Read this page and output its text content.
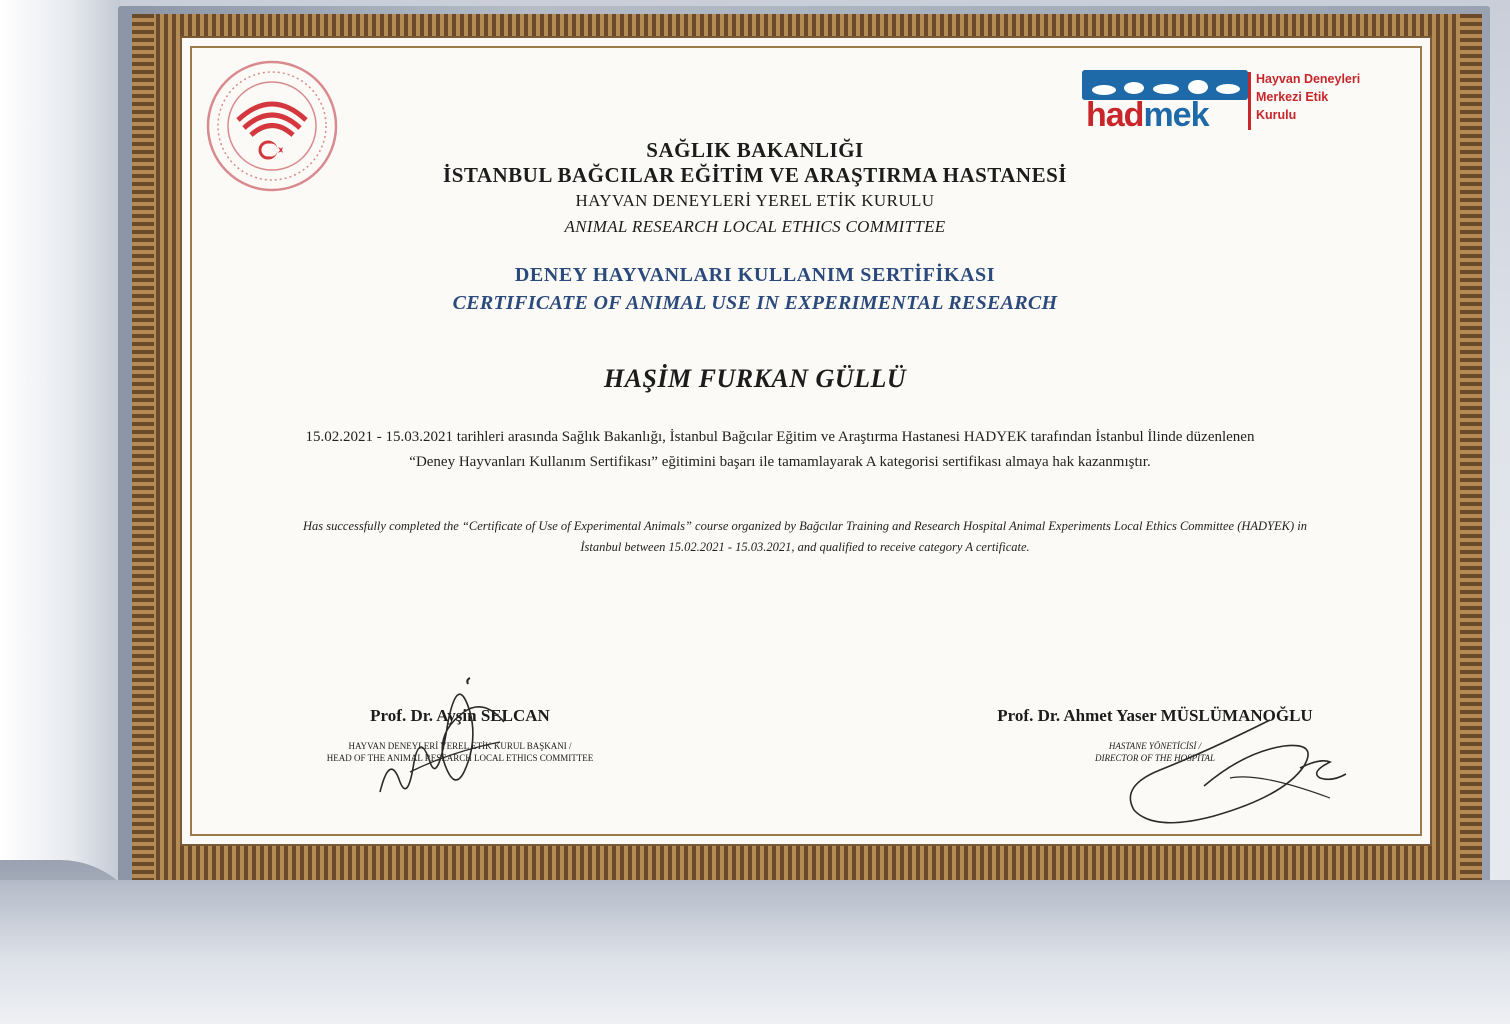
hadmek
Hayvan Deneyleri
Merkezi Etik
Kurulu

SAĞLIK BAKANLIĞI

İSTANBUL BAĞCILAR EĞİTİM VE ARAŞTIRMA HASTANESİ

HAYVAN DENEYLERİ YEREL ETİK KURULU

ANIMAL RESEARCH LOCAL ETHICS COMMITTEE

DENEY HAYVANLARI KULLANIM SERTİFİKASI

CERTIFICATE OF ANIMAL USE IN EXPERIMENTAL RESEARCH

HAŞİM FURKAN GÜLLÜ

15.02.2021 - 15.03.2021 tarihleri arasında Sağlık Bakanlığı, İstanbul Bağcılar Eğitim ve Araştırma Hastanesi HADYEK tarafından İstanbul İlinde düzenlenen “Deney Hayvanları Kullanım Sertifikası” eğitimini başarı ile tamamlayarak A kategorisi sertifikası almaya hak kazanmıştır.
Has successfully completed the “Certificate of Use of Experimental Animals” course organized by Bağcılar Training and Research Hospital Animal Experiments Local Ethics Committee (HADYEK) in İstanbul between 15.02.2021 - 15.03.2021, and qualified to receive category A certificate.
Prof. Dr. Ayşin SELCAN
HAYVAN DENEYLERİ YEREL ETİK KURUL BAŞKANI /
HEAD OF THE ANIMAL RESEARCH LOCAL ETHICS COMMITTEE
Prof. Dr. Ahmet Yaser MÜSLÜMANOĞLU
HASTANE YÖNETİCİSİ /
DIRECTOR OF THE HOSPITAL
